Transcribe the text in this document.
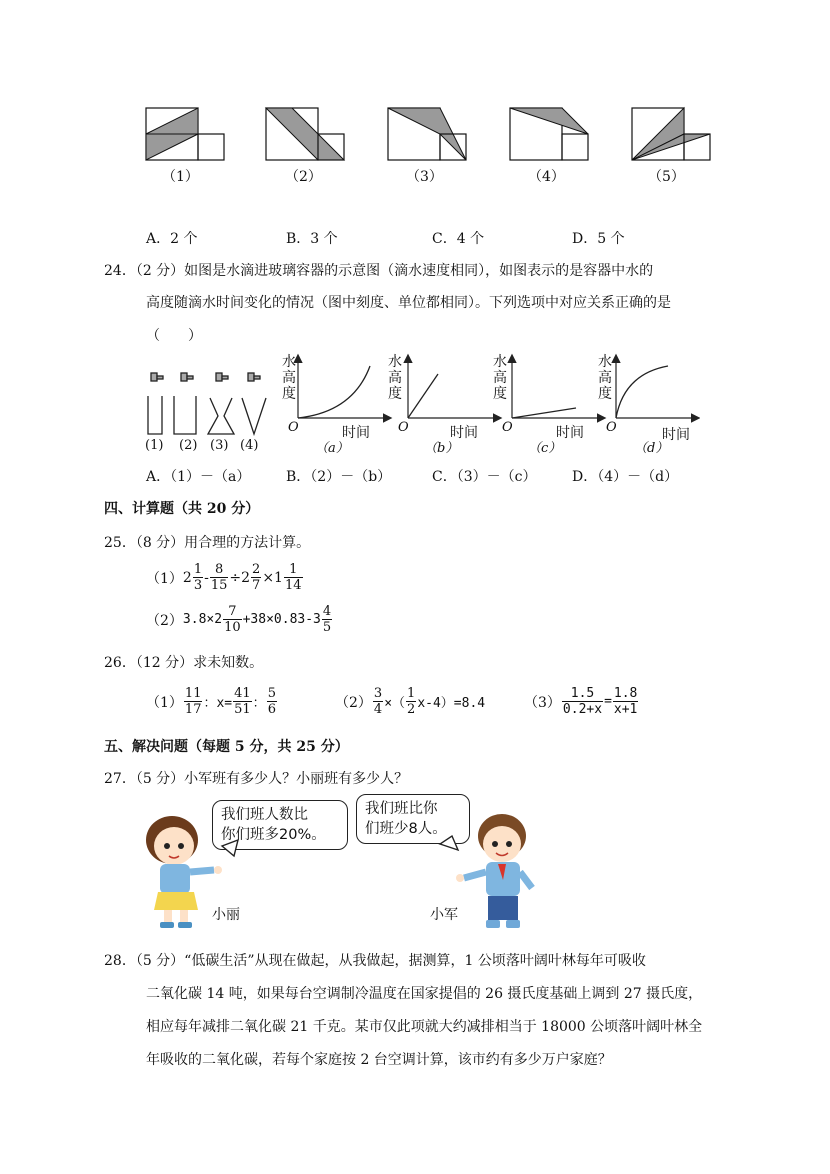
（1）	（2）	（3）	（4）	（5）
A．2 个	B．3 个	C．4 个	D．5 个
24．（2 分）如图是水滴进玻璃容器的示意图（滴水速度相同），如图表示的是容器中水的
高度随滴水时间变化的情况（图中刻度、单位都相同）。下列选项中对应关系正确的是
（　　）
(1) (2) (3) (4)
水
高
度
水
高
度
水
高
度
水
高
度
O	O	O	O
时间	时间	时间	时间
（a）	（b）	（c）	（d）
A．（1）－（a）	B．（2）－（b）	C．（3）－（c）	D．（4）－（d）
四、计算题（共 20 分）
25．（8 分）用合理的方法计算。
（1） $2 \frac{1}{3} - \frac{8}{15} \div 2 \frac{2}{7} \times 1 \frac{1}{14}$
（2） $3.8\times 2 \frac{7}{10} +38\times 0.83-3 \frac{4}{5}$
26．（12 分）求未知数。
$(1) \frac{11}{17}$ ：$x= \frac{41}{51}$ ： $\frac{5}{6}$	$(2) \frac{3}{4}$ ×（ $\frac{1}{2} x-4)=8.4$	$(3) \frac{1.5}{0.2+x} = \frac{1.8}{x+1}$
五、解决问题（每题 5 分，共 25 分）
27．（5 分）小军班有多少人？小丽班有多少人？
我们班人数比
你们班多20%。
我们班比你
们班少8人。
小丽	小军
28．（5 分）“低碳生活”从现在做起，从我做起，据测算，1 公顷落叶阔叶林每年可吸收
二氧化碳 14 吨，如果每台空调制冷温度在国家提倡的 26 摄氏度基础上调到 27 摄氏度，
相应每年减排二氧化碳 21 千克。某市仅此项就大约减排相当于 18000 公顷落叶阔叶林全
年吸收的二氧化碳，若每个家庭按 2 台空调计算，该市约有多少万户家庭？
